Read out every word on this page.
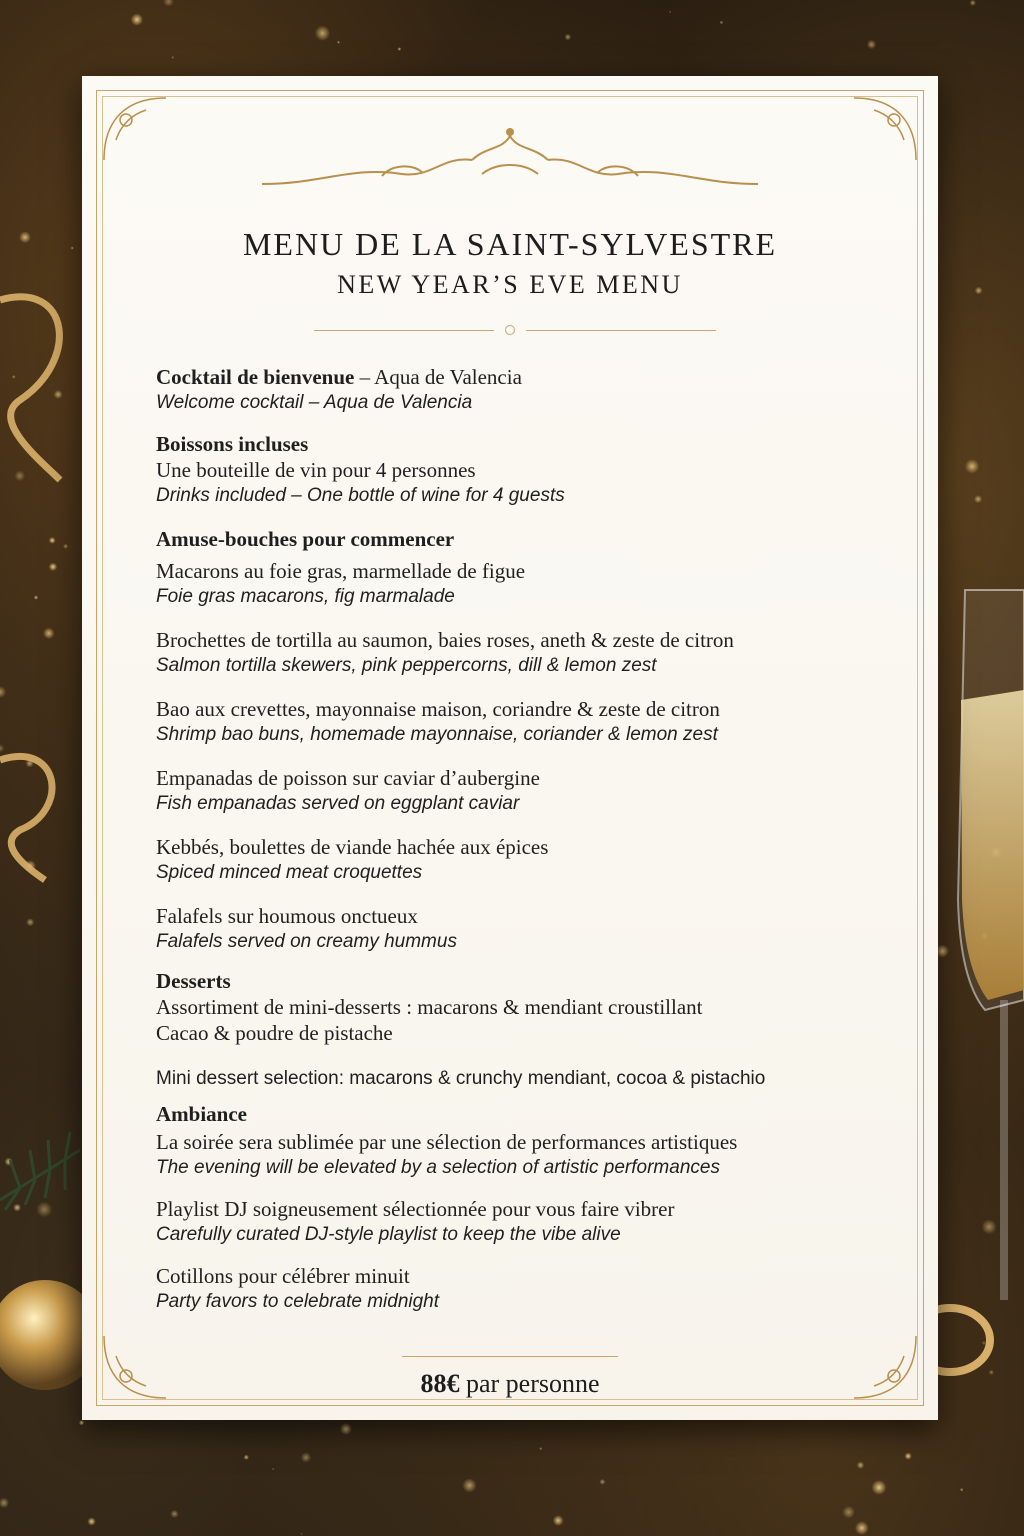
MENU DE LA SAINT-SYLVESTRE
NEW YEAR’S EVE MENU
Cocktail de bienvenue – Aqua de Valencia
Welcome cocktail – Aqua de Valencia
Boissons incluses
Une bouteille de vin pour 4 personnes
Drinks included – One bottle of wine for 4 guests
Amuse-bouches pour commencer
Macarons au foie gras, marmellade de figue
Foie gras macarons, fig marmalade
Brochettes de tortilla au saumon, baies roses, aneth & zeste de citron
Salmon tortilla skewers, pink peppercorns, dill & lemon zest
Bao aux crevettes, mayonnaise maison, coriandre & zeste de citron
Shrimp bao buns, homemade mayonnaise, coriander & lemon zest
Empanadas de poisson sur caviar d’aubergine
Fish empanadas served on eggplant caviar
Kebbés, boulettes de viande hachée aux épices
Spiced minced meat croquettes
Falafels sur houmous onctueux
Falafels served on creamy hummus
Desserts
Assortiment de mini-desserts : macarons & mendiant croustillant
Cacao & poudre de pistache
Mini dessert selection: macarons & crunchy mendiant, cocoa & pistachio
Ambiance
La soirée sera sublimée par une sélection de performances artistiques
The evening will be elevated by a selection of artistic performances
Playlist DJ soigneusement sélectionnée pour vous faire vibrer
Carefully curated DJ-style playlist to keep the vibe alive
Cotillons pour célébrer minuit
Party favors to celebrate midnight
88€ par personne
